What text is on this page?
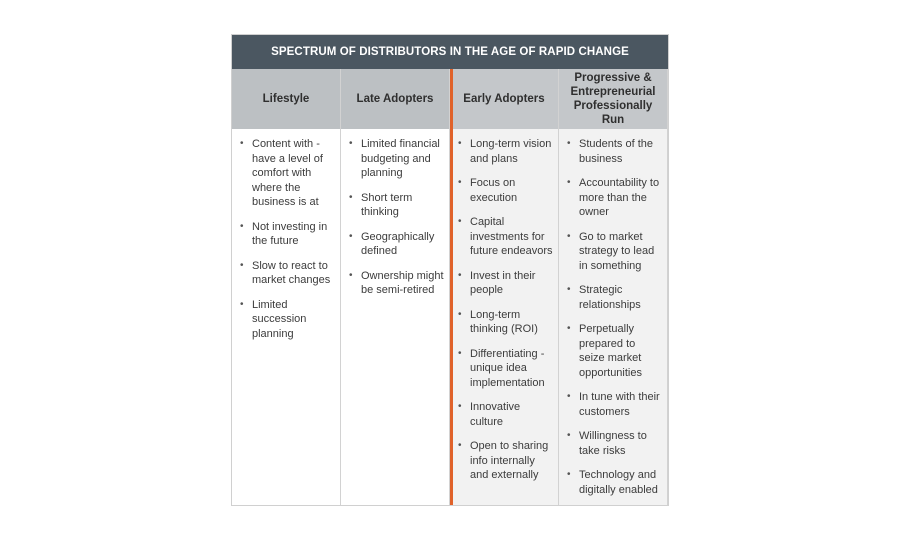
SPECTRUM OF DISTRIBUTORS IN THE AGE OF RAPID CHANGE
Lifestyle
• Content with - have a level of comfort with where the business is at
• Not investing in the future
• Slow to react to market changes
• Limited succession planning
Late Adopters
• Limited financial budgeting and planning
• Short term thinking
• Geographically defined
• Ownership might be semi-retired
Early Adopters
• Long-term vision and plans
• Focus on execution
• Capital investments for future endeavors
• Invest in their people
• Long-term thinking (ROI)
• Differentiating - unique idea implementation
• Innovative culture
• Open to sharing info internally and externally
Progressive & Entrepreneurial Professionally Run
• Students of the business
• Accountability to more than the owner
• Go to market strategy to lead in something
• Strategic relationships
• Perpetually prepared to seize market opportunities
• In tune with their customers
• Willingness to take risks
• Technology and digitally enabled
